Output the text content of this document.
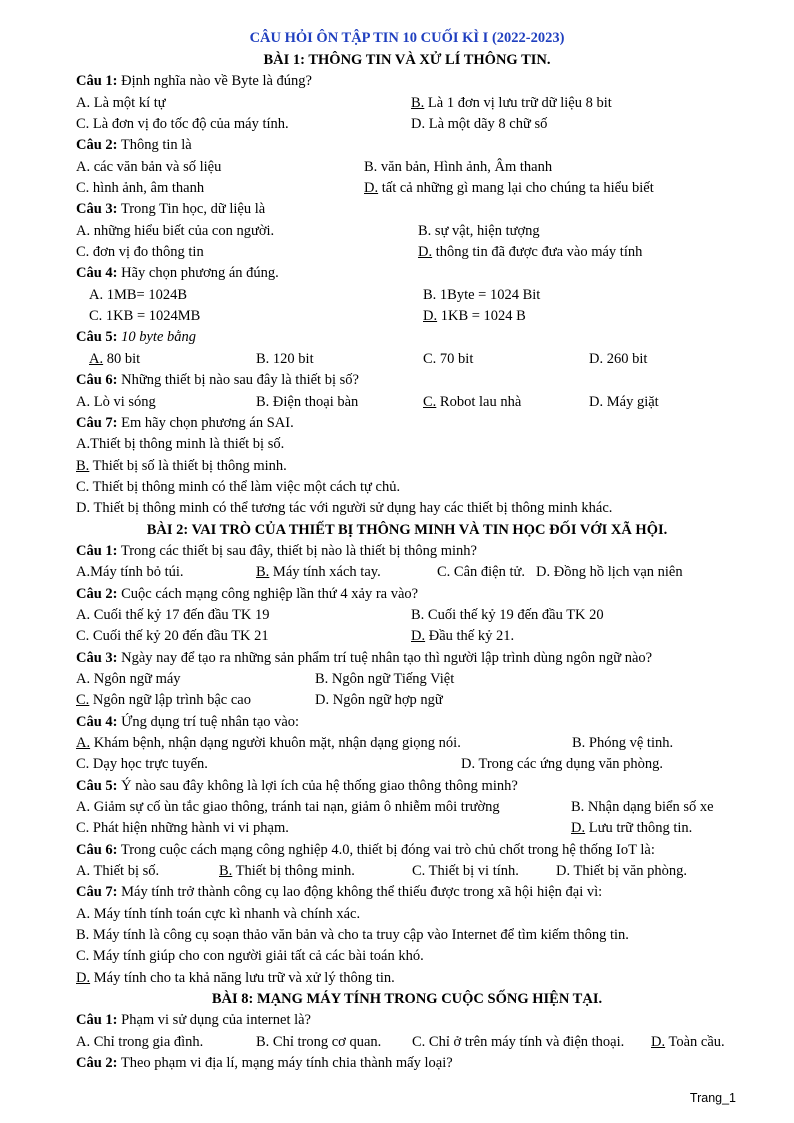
CÂU HỎI ÔN TẬP TIN 10 CUỐI KÌ I (2022-2023)
BÀI 1: THÔNG TIN VÀ XỬ LÍ THÔNG TIN.
Câu 1: Định nghĩa nào về Byte là đúng?
A. Là một kí tự	B. Là 1 đơn vị lưu trữ dữ liệu 8 bit
C. Là đơn vị đo tốc độ của máy tính.	D. Là một dãy 8 chữ số
Câu 2: Thông tin là
A. các văn bản và số liệu	B. văn bản, Hình ảnh, Âm thanh
C. hình ảnh, âm thanh	D. tất cả những gì mang lại cho chúng ta hiểu biết
Câu 3: Trong Tin học, dữ liệu là
A. những hiểu biết của con người.	B. sự vật, hiện tượng
C. đơn vị đo thông tin	D. thông tin đã được đưa vào máy tính
Câu 4: Hãy chọn phương án đúng.
A. 1MB= 1024B	B. 1Byte = 1024 Bit
C. 1KB = 1024MB	D. 1KB = 1024 B
Câu 5: 10 byte bằng
A. 80 bit	B. 120 bit	C. 70 bit	D. 260 bit
Câu 6: Những thiết bị nào sau đây là thiết bị số?
A. Lò vi sóng	B. Điện thoại bàn	C. Robot lau nhà	D. Máy giặt
Câu 7: Em hãy chọn phương án SAI.
A.Thiết bị thông minh là thiết bị số.
B. Thiết bị số là thiết bị thông minh.
C. Thiết bị thông minh có thể làm việc một cách tự chủ.
D. Thiết bị thông minh có thể tương tác với người sử dụng hay các thiết bị thông minh khác.
BÀI 2: VAI TRÒ CỦA THIẾT BỊ THÔNG MINH VÀ TIN HỌC ĐỐI VỚI XÃ HỘI.
Câu 1: Trong các thiết bị sau đây, thiết bị nào là thiết bị thông minh?
A.Máy tính bỏ túi.	B. Máy tính xách tay.	C. Cân điện tử. D. Đồng hồ lịch vạn niên
Câu 2: Cuộc cách mạng công nghiệp lần thứ 4 xảy ra vào?
A. Cuối thế kỷ 17 đến đầu TK 19	B. Cuối thế kỷ 19 đến đầu TK 20
C. Cuối thế kỷ 20 đến đầu TK 21	D. Đầu thế kỷ 21.
Câu 3: Ngày nay để tạo ra những sản phẩm trí tuệ nhân tạo thì người lập trình dùng ngôn ngữ nào?
A. Ngôn ngữ máy	B. Ngôn ngữ Tiếng Việt
C. Ngôn ngữ lập trình bậc cao	D. Ngôn ngữ hợp ngữ
Câu 4: Ứng dụng trí tuệ nhân tạo vào:
A. Khám bệnh, nhận dạng người khuôn mặt, nhận dạng giọng nói.	B. Phóng vệ tinh.
C. Dạy học trực tuyến.	D. Trong các ứng dụng văn phòng.
Câu 5: Ý nào sau đây không là lợi ích của hệ thống giao thông thông minh?
A. Giảm sự cố ùn tắc giao thông, tránh tai nạn, giảm ô nhiễm môi trường	B. Nhận dạng biển số xe
C. Phát hiện những hành vi vi phạm.	D. Lưu trữ thông tin.
Câu 6: Trong cuộc cách mạng công nghiệp 4.0, thiết bị đóng vai trò chủ chốt trong hệ thống IoT là:
A. Thiết bị số.	B. Thiết bị thông minh.	C. Thiết bị vi tính.	D. Thiết bị văn phòng.
Câu 7: Máy tính trở thành công cụ lao động không thể thiếu được trong xã hội hiện đại vì:
A. Máy tính tính toán cực kì nhanh và chính xác.
B. Máy tính là công cụ soạn thảo văn bản và cho ta truy cập vào Internet để tìm kiếm thông tin.
C. Máy tính giúp cho con người giải tất cả các bài toán khó.
D. Máy tính cho ta khả năng lưu trữ và xử lý thông tin.
BÀI 8: MẠNG MÁY TÍNH TRONG CUỘC SỐNG HIỆN TẠI.
Câu 1: Phạm vi sử dụng của internet là?
A. Chỉ trong gia đình.	B. Chỉ trong cơ quan. C. Chỉ ở trên máy tính và điện thoại. D. Toàn cầu.
Câu 2: Theo phạm vi địa lí, mạng máy tính chia thành mấy loại?
Trang_1
